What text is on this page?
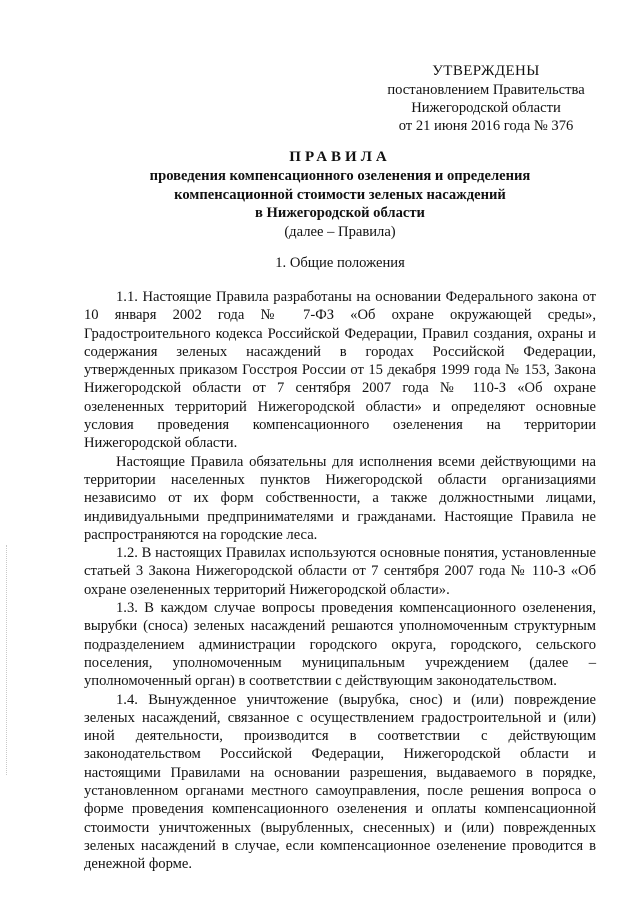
УТВЕРЖДЕНЫ
постановлением Правительства
Нижегородской области
от 21 июня 2016 года № 376
ПРАВИЛА
проведения компенсационного озеленения и определения
компенсационной стоимости зеленых насаждений
в Нижегородской области
(далее – Правила)
1. Общие положения

1.1. Настоящие Правила разработаны на основании Федерального закона от 10 января 2002 года № 7-ФЗ «Об охране окружающей среды», Градостроительного кодекса Российской Федерации, Правил создания, охраны и содержания зеленых насаждений в городах Российской Федерации, утвержденных приказом Госстроя России от 15 декабря 1999 года № 153, Закона Нижегородской области от 7 сентября 2007 года № 110-З «Об охране озелененных территорий Нижегородской области» и определяют основные условия проведения компенсационного озеленения на территории Нижегородской области.

Настоящие Правила обязательны для исполнения всеми действующими на территории населенных пунктов Нижегородской области организациями независимо от их форм собственности, а также должностными лицами, индивидуальными предпринимателями и гражданами. Настоящие Правила не распространяются на городские леса.

1.2. В настоящих Правилах используются основные понятия, установленные статьей 3 Закона Нижегородской области от 7 сентября 2007 года № 110-З «Об охране озелененных территорий Нижегородской области».

1.3. В каждом случае вопросы проведения компенсационного озеленения, вырубки (сноса) зеленых насаждений решаются уполномоченным структурным подразделением администрации городского округа, городского, сельского поселения, уполномоченным муниципальным учреждением (далее – уполномоченный орган) в соответствии с действующим законодательством.

1.4. Вынужденное уничтожение (вырубка, снос) и (или) повреждение зеленых насаждений, связанное с осуществлением градостроительной и (или) иной деятельности, производится в соответствии с действующим законодательством Российской Федерации, Нижегородской области и настоящими Правилами на основании разрешения, выдаваемого в порядке, установленном органами местного самоуправления, после решения вопроса о форме проведения компенсационного озеленения и оплаты компенсационной стоимости уничтоженных (вырубленных, снесенных) и (или) поврежденных зеленых насаждений в случае, если компенсационное озеленение проводится в денежной форме.
